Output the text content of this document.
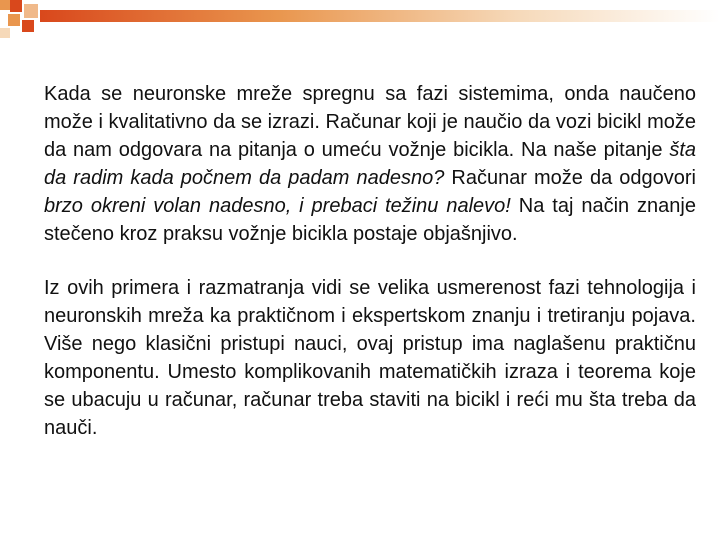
Kada se neuronske mreže spregnu sa fazi sistemima, onda naučeno može i kvalitativno da se izrazi. Računar koji je naučio da vozi bicikl može da nam odgovara na pitanja o umeću vožnje bicikla. Na naše pitanje šta da radim kada počnem da padam nadesno? Računar može da odgovori brzo okreni volan nadesno, i prebaci težinu nalevo! Na taj način znanje stečeno kroz praksu vožnje bicikla postaje objašnjivo.

Iz ovih primera i razmatranja vidi se velika usmerenost fazi tehnologija i neuronskih mreža ka praktičnom i ekspertskom znanju i tretiranju pojava. Više nego klasični pristupi nauci, ovaj pristup ima naglašenu praktičnu komponentu. Umesto komplikovanih matematičkih izraza i teorema koje se ubacuju u računar, računar treba staviti na bicikl i reći mu šta treba da nauči.
